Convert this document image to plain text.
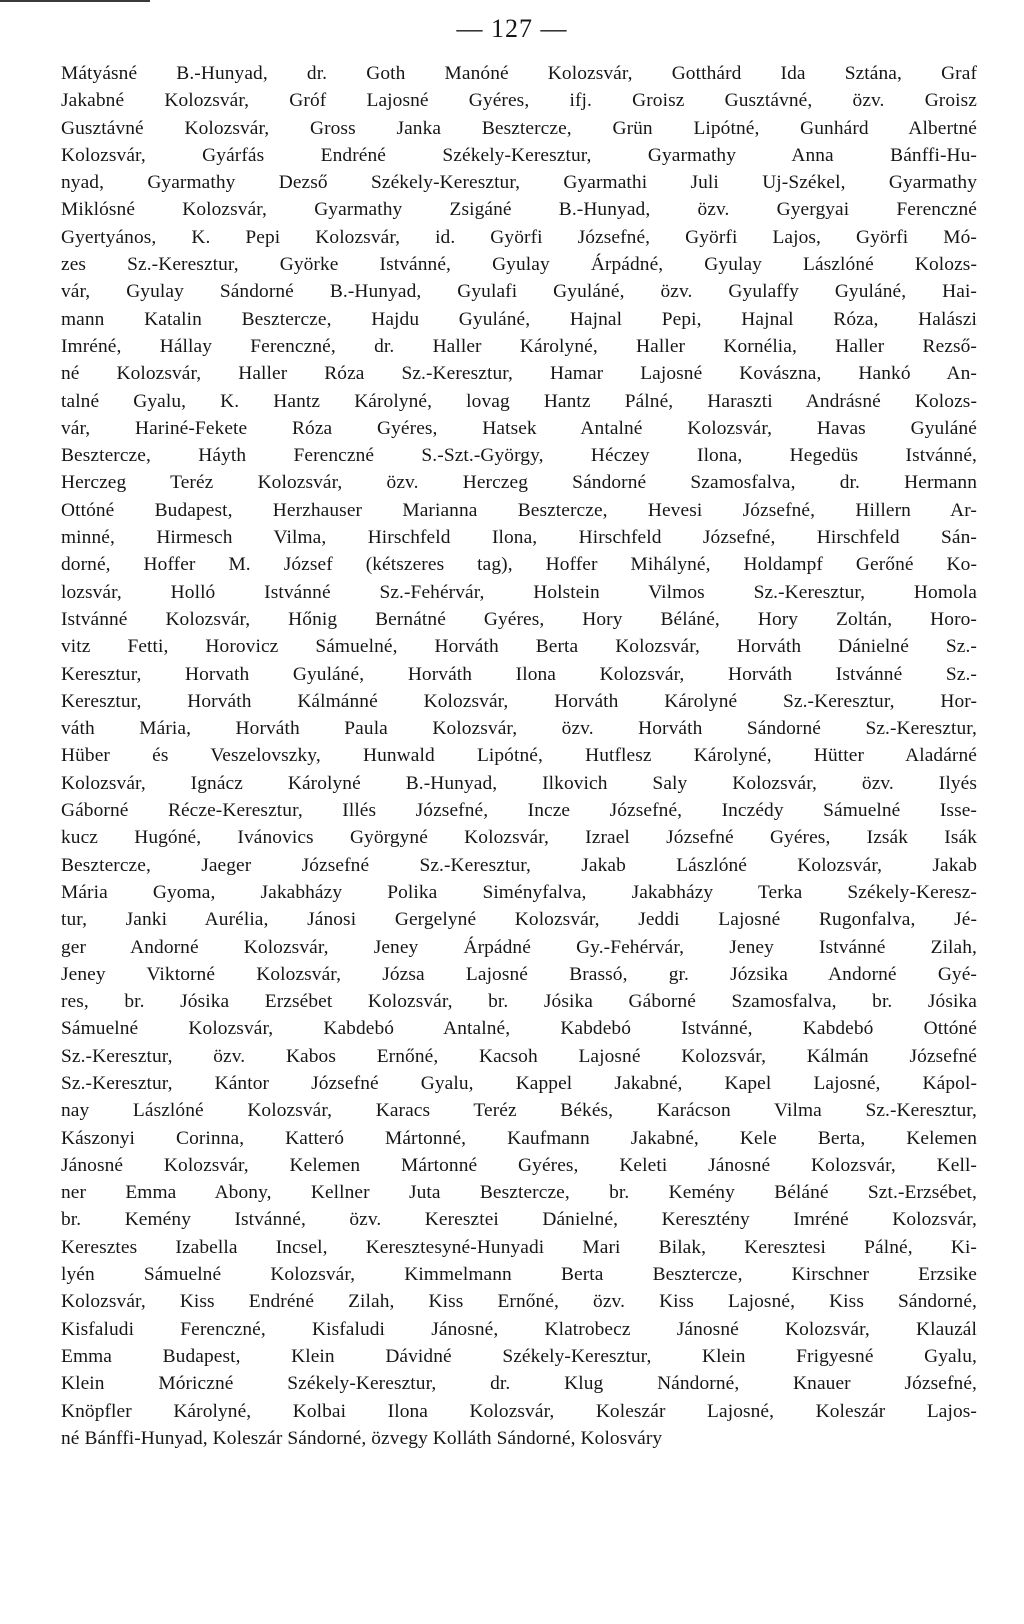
— 127 —
Mátyásné B.-Hunyad, dr. Goth Manóné Kolozsvár, Gotthárd Ida Sztána, Graf
Jakabné Kolozsvár, Gróf Lajosné Gyéres, ifj. Groisz Gusztávné, özv. Groisz
Gusztávné Kolozsvár, Gross Janka Beszterczе, Grün Lipótné, Gunhárd Albertné
Kolozsvár, Gyárfás Endréné Székely-Keresztur, Gyarmathy Anna Bánffi-Hu-
nyad, Gyarmathy Dezső Székely-Keresztur, Gyarmathi Juli Uj-Székel, Gyarmathy
Miklósné Kolozsvár, Gyarmathy Zsigáné B.-Hunyad, özv. Gyergyai Ferenczné
Gyertyános, K. Pepi Kolozsvár, id. Györfi Józsefné, Györfi Lajos, Györfi Mó-
zes Sz.-Keresztur, Györke Istvánné, Gyulay Árpádné, Gyulay Lászlóné Kolozs-
vár, Gyulay Sándorné B.-Hunyad, Gyulafi Gyuláné, özv. Gyulaffy Gyuláné, Hai-
mann Katalin Beszterczе, Hajdu Gyuláné, Hajnal Pepi, Hajnal Róza, Halászi
Imréné, Hállay Ferenczné, dr. Haller Károlyné, Haller Kornélia, Haller Rezső-
né Kolozsvár, Haller Róza Sz.-Keresztur, Hamar Lajosné Kovászna, Hankó An-
talné Gyalu, K. Hantz Károlyné, lovag Hantz Pálné, Haraszti Andrásné Kolozs-
vár, Hariné-Fekete Róza Gyéres, Hatsek Antalné Kolozsvár, Havas Gyuláné
Beszterczе, Háyth Ferenczné S.-Szt.-György, Héczey Ilona, Hegedüs Istvánné,
Herczeg Teréz Kolozsvár, özv. Herczeg Sándorné Szamosfalva, dr. Hermann
Ottóné Budapest, Herzhauser Marianna Beszterczе, Hevesi Józsefné, Hillern Ar-
minné, Hirmesch Vilma, Hirschfeld Ilona, Hirschfeld Józsefné, Hirschfeld Sán-
dorné, Hoffer M. József (kétszeres tag), Hoffer Mihályné, Holdampf Gerőné Ko-
lozsvár, Holló Istvánné Sz.-Fehérvár, Holstein Vilmos Sz.-Keresztur, Homola
Istvánné Kolozsvár, Hőnig Bernátné Gyéres, Hory Béláné, Hory Zoltán, Horo-
vitz Fetti, Horovicz Sámuelné, Horváth Berta Kolozsvár, Horváth Dánielné Sz.-
Keresztur, Horvath Gyuláné, Horváth Ilona Kolozsvár, Horváth Istvánné Sz.-
Keresztur, Horváth Kálmánné Kolozsvár, Horváth Károlyné Sz.-Keresztur, Hor-
váth Mária, Horváth Paula Kolozsvár, özv. Horváth Sándorné Sz.-Keresztur,
Hüber és Veszelovszky, Hunwald Lipótné, Hutflesz Károlyné, Hütter Aladárné
Kolozsvár, Ignácz Károlyné B.-Hunyad, Ilkovich Saly Kolozsvár, özv. Ilyés
Gáborné Récze-Keresztur, Illés Józsefné, Incze Józsefné, Inczédy Sámuelné Isse-
kucz Hugóné, Ivánovics Györgyné Kolozsvár, Izrael Józsefné Gyéres, Izsák Isák
Beszterczе, Jaeger Józsefné Sz.-Keresztur, Jakab Lászlóné Kolozsvár, Jakab
Mária Gyoma, Jakabházy Polika Siményfalva, Jakabházy Terka Székely-Keresz-
tur, Janki Aurélia, Jánosi Gergelyné Kolozsvár, Jeddi Lajosné Rugonfalva, Jé-
ger Andorné Kolozsvár, Jeney Árpádné Gy.-Fehérvár, Jeney Istvánné Zilah,
Jeney Viktorné Kolozsvár, Józsa Lajosné Brassó, gr. Józsika Andorné Gyé-
res, br. Jósika Erzsébet Kolozsvár, br. Jósika Gáborné Szamosfalva, br. Jósika
Sámuelné Kolozsvár, Kabdebó Antalné, Kabdebó Istvánné, Kabdebó Ottóné
Sz.-Keresztur, özv. Kabos Ernőné, Kacsoh Lajosné Kolozsvár, Kálmán Józsefné
Sz.-Keresztur, Kántor Józsefné Gyalu, Kappel Jakabné, Kapel Lajosné, Kápol-
nay Lászlóné Kolozsvár, Karacs Teréz Békés, Karácson Vilma Sz.-Keresztur,
Kászonyi Corinna, Katteró Mártonné, Kaufmann Jakabné, Kele Berta, Kelemen
Jánosné Kolozsvár, Kelemen Mártonné Gyéres, Keleti Jánosné Kolozsvár, Kell-
ner Emma Abony, Kellner Juta Beszterczе, br. Kemény Béláné Szt.-Erzsébet,
br. Kemény Istvánné, özv. Keresztei Dánielné, Keresztény Imréné Kolozsvár,
Keresztes Izabella Incsel, Keresztesyné-Hunyadi Mari Bilak, Keresztesi Pálné, Ki-
lyén Sámuelné Kolozsvár, Kimmelmann Berta Beszterczе, Kirschner Erzsike
Kolozsvár, Kiss Endréné Zilah, Kiss Ernőné, özv. Kiss Lajosné, Kiss Sándorné,
Kisfaludi Ferenczné, Kisfaludi Jánosné, Klatrobecz Jánosné Kolozsvár, Klauzál
Emma Budapest, Klein Dávidné Székely-Keresztur, Klein Frigyesné Gyalu,
Klein Móriczné Székely-Keresztur, dr. Klug Nándorné, Knauer Józsefné,
Knöpfler Károlyné, Kolbai Ilona Kolozsvár, Koleszár Lajosné, Koleszár Lajos-
né Bánffi-Hunyad, Koleszár Sándorné, özvegy Kolláth Sándorné, Kolosváry
